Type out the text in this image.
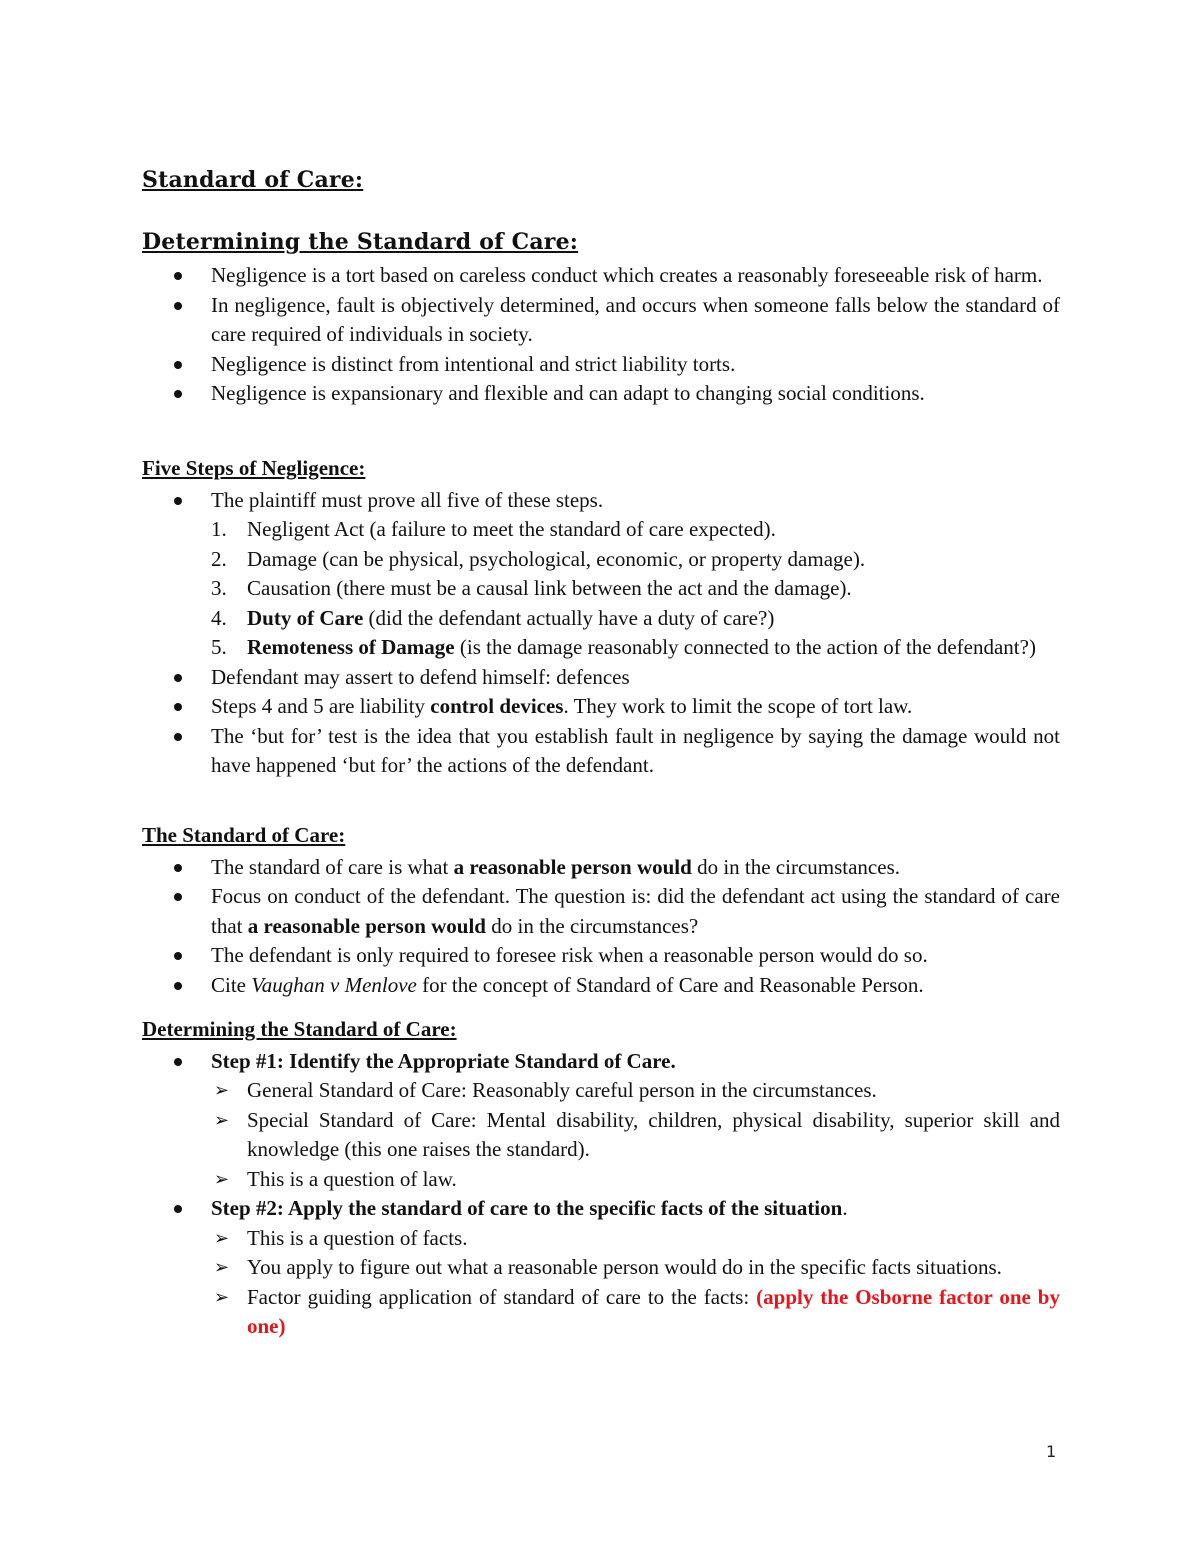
Standard of Care:
Determining the Standard of Care:
Negligence is a tort based on careless conduct which creates a reasonably foreseeable risk of harm.
In negligence, fault is objectively determined, and occurs when someone falls below the standard of care required of individuals in society.
Negligence is distinct from intentional and strict liability torts.
Negligence is expansionary and flexible and can adapt to changing social conditions.
Five Steps of Negligence:
The plaintiff must prove all five of these steps.
1. Negligent Act (a failure to meet the standard of care expected).
2. Damage (can be physical, psychological, economic, or property damage).
3. Causation (there must be a causal link between the act and the damage).
4. Duty of Care (did the defendant actually have a duty of care?)
5. Remoteness of Damage (is the damage reasonably connected to the action of the defendant?)
Defendant may assert to defend himself: defences
Steps 4 and 5 are liability control devices. They work to limit the scope of tort law.
The ‘but for’ test is the idea that you establish fault in negligence by saying the damage would not have happened ‘but for’ the actions of the defendant.
The Standard of Care:
The standard of care is what a reasonable person would do in the circumstances.
Focus on conduct of the defendant. The question is: did the defendant act using the standard of care that a reasonable person would do in the circumstances?
The defendant is only required to foresee risk when a reasonable person would do so.
Cite Vaughan v Menlove for the concept of Standard of Care and Reasonable Person.
Determining the Standard of Care:
Step #1: Identify the Appropriate Standard of Care.
➢ General Standard of Care: Reasonably careful person in the circumstances.
➢ Special Standard of Care: Mental disability, children, physical disability, superior skill and knowledge (this one raises the standard).
➢ This is a question of law.
Step #2: Apply the standard of care to the specific facts of the situation.
➢ This is a question of facts.
➢ You apply to figure out what a reasonable person would do in the specific facts situations.
➢ Factor guiding application of standard of care to the facts: (apply the Osborne factor one by one)
1
